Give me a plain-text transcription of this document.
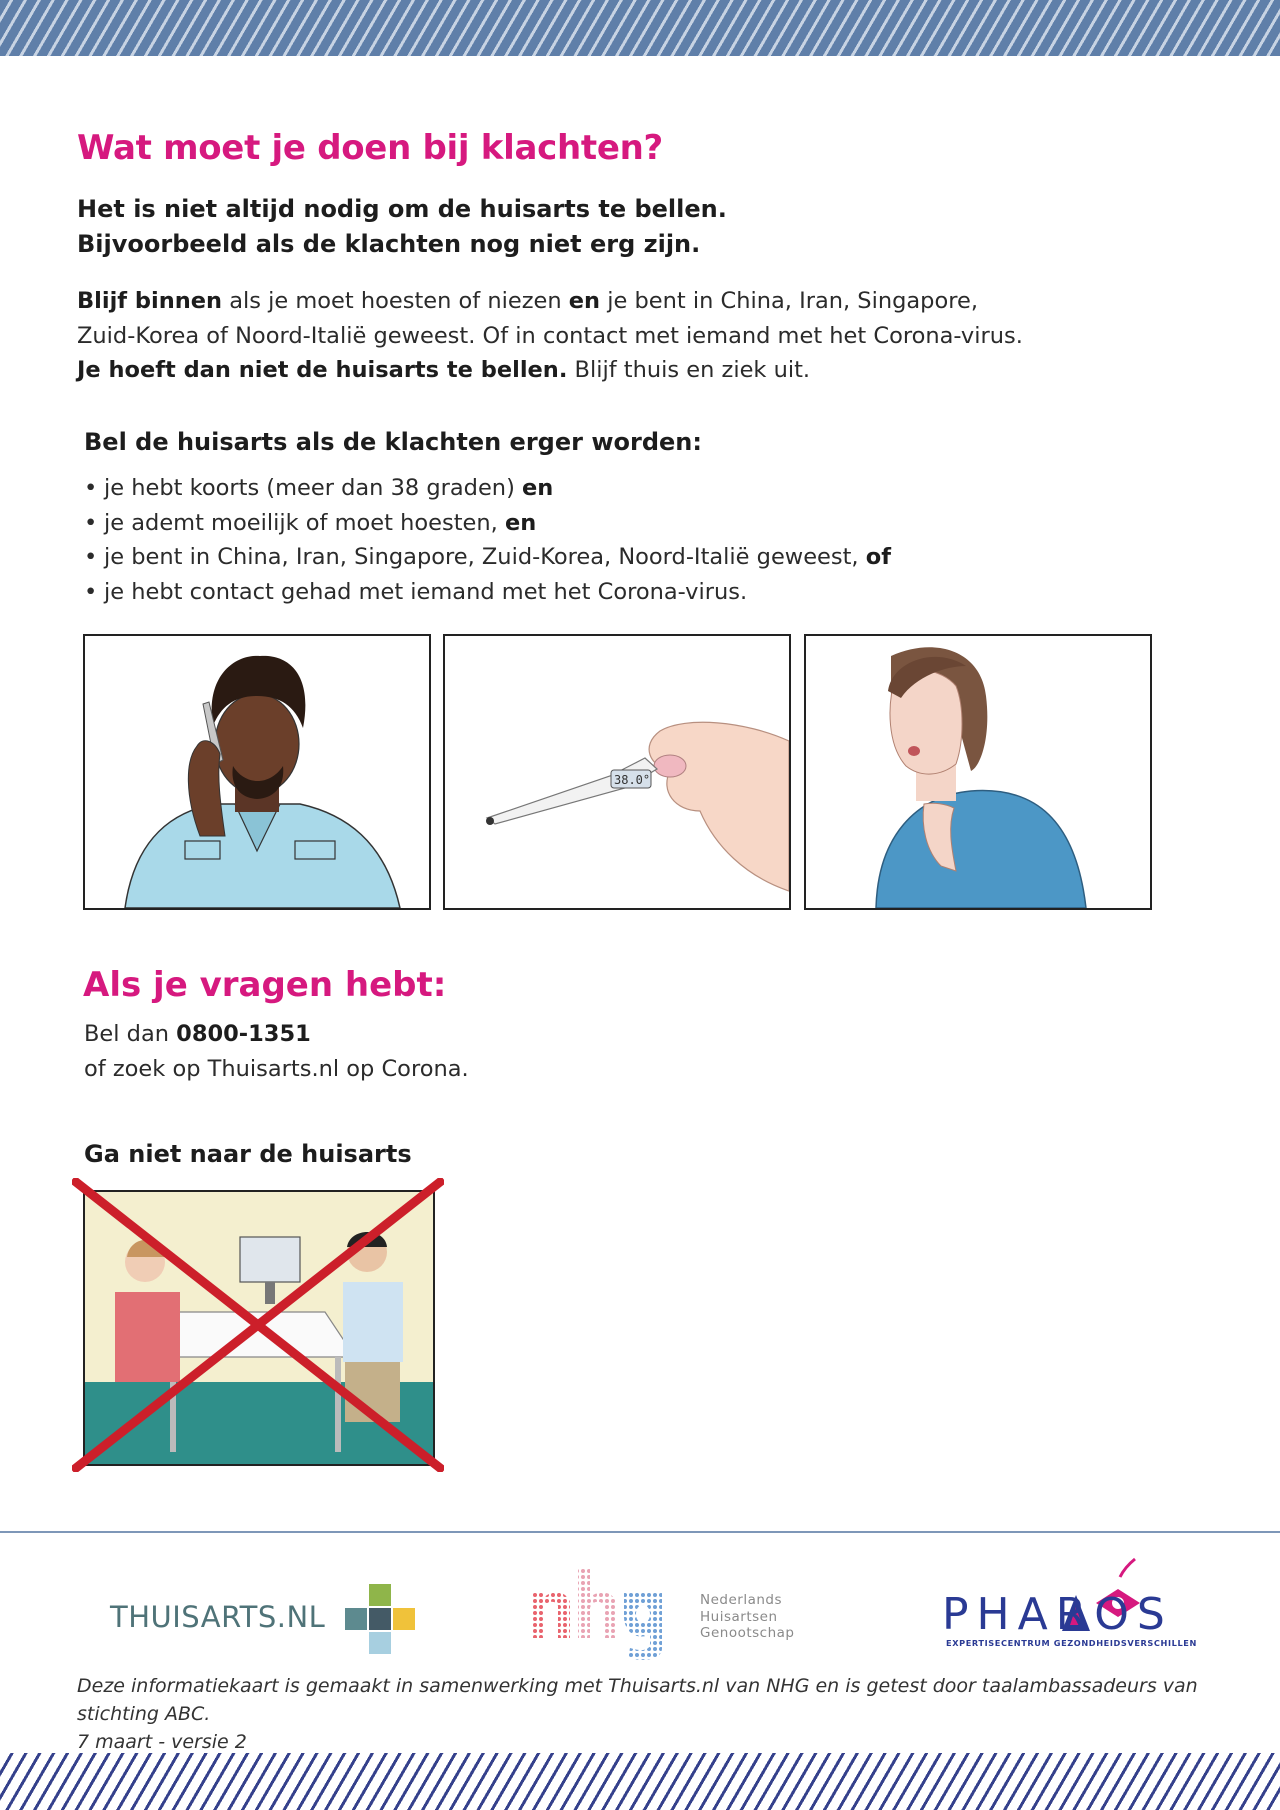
Wat moet je doen bij klachten?

Het is niet altijd nodig om de huisarts te bellen.
Bijvoorbeeld als de klachten nog niet erg zijn.

Blijf binnen als je moet hoesten of niezen en je bent in China, Iran, Singapore,
Zuid-Korea of Noord-Italië geweest. Of in contact met iemand met het Corona-virus.
Je hoeft dan niet de huisarts te bellen. Blijf thuis en ziek uit.

Bel de huisarts als de klachten erger worden:
• je hebt koorts (meer dan 38 graden) en
• je ademt moeilijk of moet hoesten, en
• je bent in China, Iran, Singapore, Zuid-Korea, Noord-Italië geweest, of
• je hebt contact gehad met iemand met het Corona-virus.
38.0°
Als je vragen hebt:

Bel dan 0800-1351
of zoek op Thuisarts.nl op Corona.

Ga niet naar de huisarts
THUISARTS.NL	Nederlands
Huisartsen
Genootschap	PHAROS
EXPERTISECENTRUM GEZONDHEIDSVERSCHILLEN

Deze informatiekaart is gemaakt in samenwerking met Thuisarts.nl van NHG en is getest door taalambassadeurs van stichting ABC.
7 maart - versie 2
